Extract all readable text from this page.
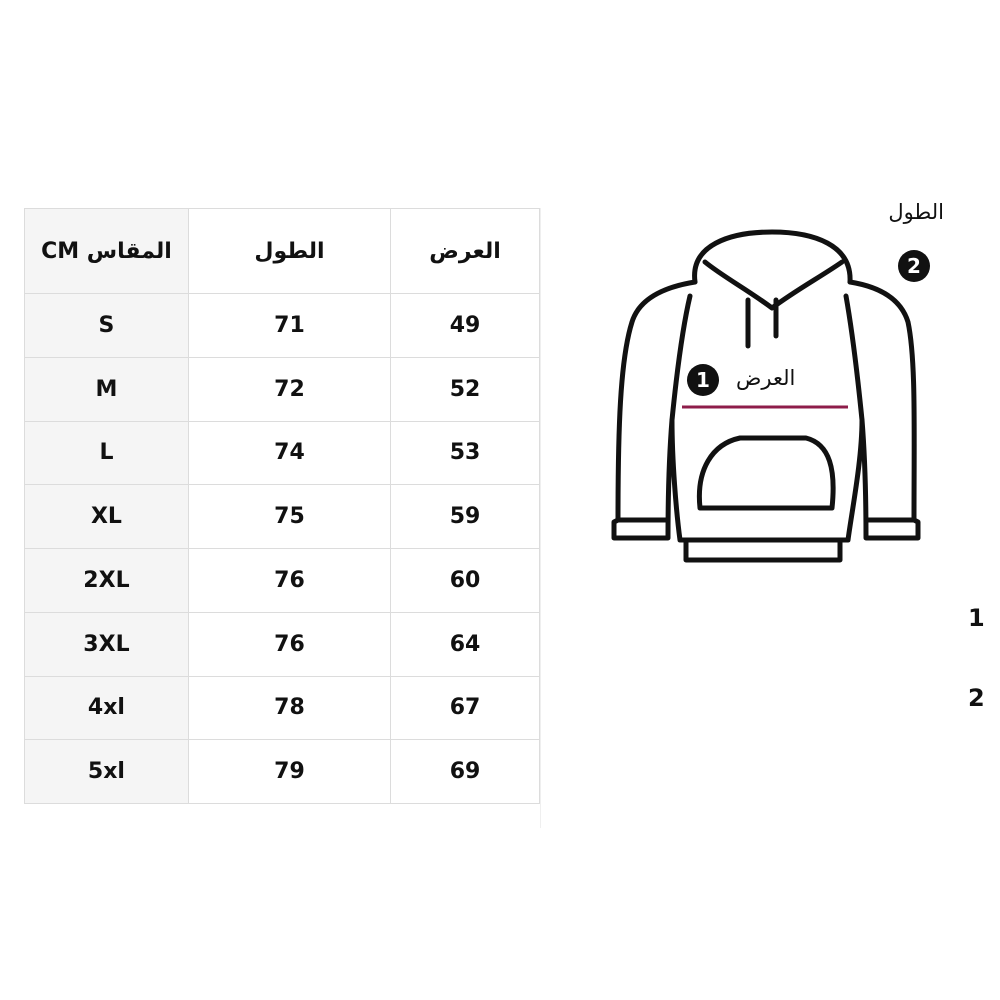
المقاس CM	الطول	العرض
S	71	49
M	72	52
L	74	53
XL	75	59
2XL	76	60
3XL	76	64
4xl	78	67
5xl	79	69
الطول
2
العرض
1
1
2
